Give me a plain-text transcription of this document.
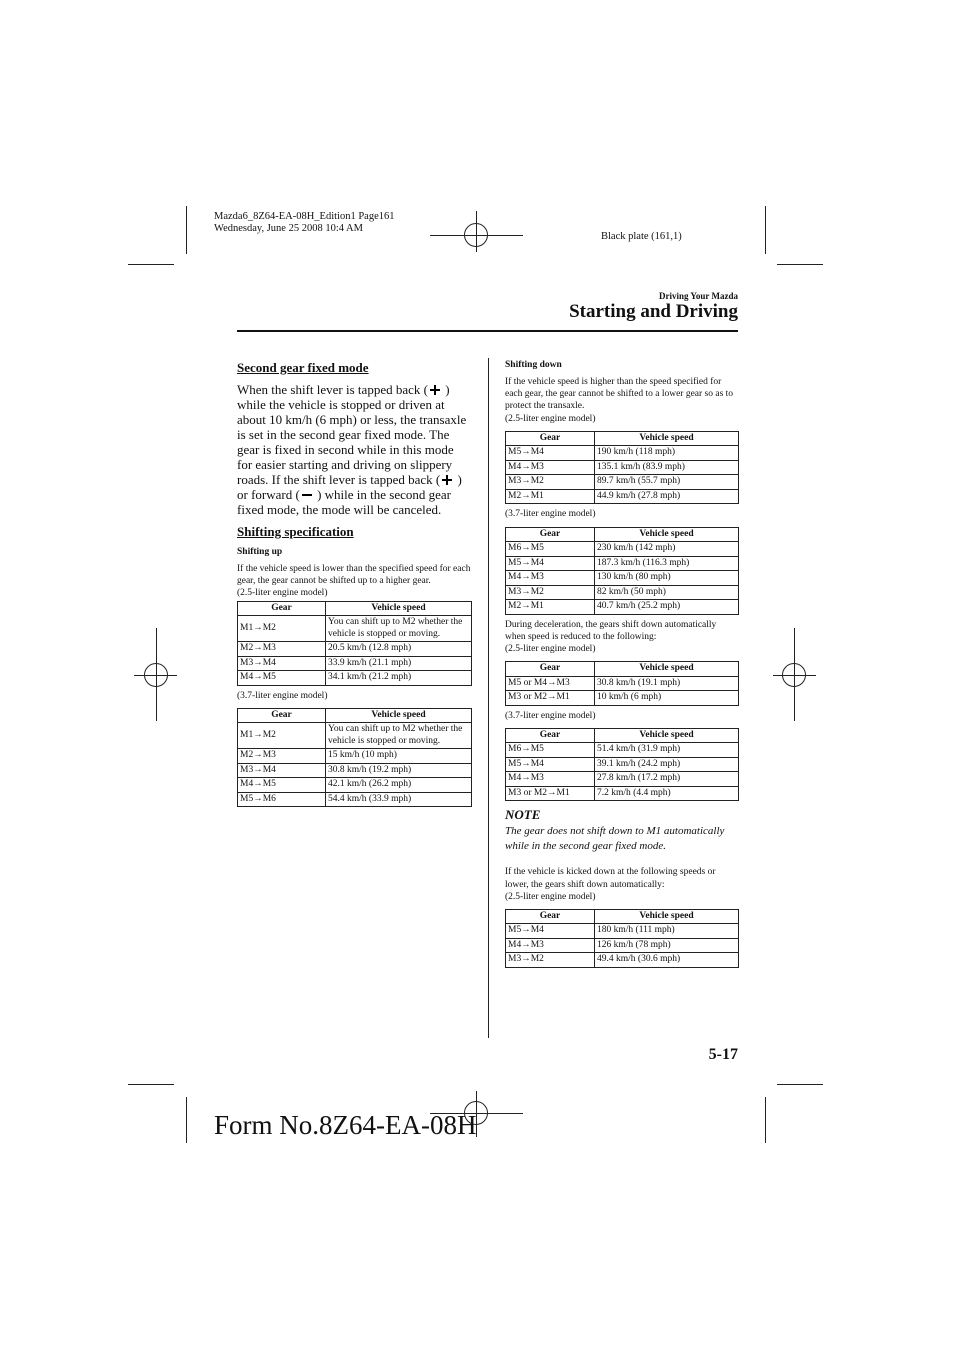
Mazda6_8Z64-EA-08H_Edition1 Page161
Wednesday, June 25 2008 10:4 AM
Black plate (161,1)
Driving Your Mazda
Starting and Driving

Second gear fixed mode

When the shift lever is tapped back ( ) while the vehicle is stopped or driven at about 10 km/h (6 mph) or less, the transaxle is set in the second gear fixed mode. The gear is fixed in second while in this mode for easier starting and driving on slippery roads. If the shift lever is tapped back ( ) or forward ( ) while in the second gear fixed mode, the mode will be canceled.

Shifting specification

Shifting up

If the vehicle speed is lower than the specified speed for each gear, the gear cannot be shifted up to a higher gear.

(2.5-liter engine model)

Gear	Vehicle speed
M1→M2	You can shift up to M2 whether the vehicle is stopped or moving.
M2→M3	20.5 km/h (12.8 mph)
M3→M4	33.9 km/h (21.1 mph)
M4→M5	34.1 km/h (21.2 mph)

(3.7-liter engine model)

Gear	Vehicle speed
M1→M2	You can shift up to M2 whether the vehicle is stopped or moving.
M2→M3	15 km/h (10 mph)
M3→M4	30.8 km/h (19.2 mph)
M4→M5	42.1 km/h (26.2 mph)
M5→M6	54.4 km/h (33.9 mph)

Shifting down

If the vehicle speed is higher than the speed specified for each gear, the gear cannot be shifted to a lower gear so as to protect the transaxle.

(2.5-liter engine model)

Gear	Vehicle speed
M5→M4	190 km/h (118 mph)
M4→M3	135.1 km/h (83.9 mph)
M3→M2	89.7 km/h (55.7 mph)
M2→M1	44.9 km/h (27.8 mph)

(3.7-liter engine model)

Gear	Vehicle speed
M6→M5	230 km/h (142 mph)
M5→M4	187.3 km/h (116.3 mph)
M4→M3	130 km/h (80 mph)
M3→M2	82 km/h (50 mph)
M2→M1	40.7 km/h (25.2 mph)

During deceleration, the gears shift down automatically when speed is reduced to the following:

(2.5-liter engine model)

Gear	Vehicle speed
M5 or M4→M3	30.8 km/h (19.1 mph)
M3 or M2→M1	10 km/h (6 mph)

(3.7-liter engine model)

Gear	Vehicle speed
M6→M5	51.4 km/h (31.9 mph)
M5→M4	39.1 km/h (24.2 mph)
M4→M3	27.8 km/h (17.2 mph)
M3 or M2→M1	7.2 km/h (4.4 mph)

NOTE

The gear does not shift down to M1 automatically while in the second gear fixed mode.

If the vehicle is kicked down at the following speeds or lower, the gears shift down automatically:

(2.5-liter engine model)

Gear	Vehicle speed
M5→M4	180 km/h (111 mph)
M4→M3	126 km/h (78 mph)
M3→M2	49.4 km/h (30.6 mph)
5-17
Form No.8Z64-EA-08H
